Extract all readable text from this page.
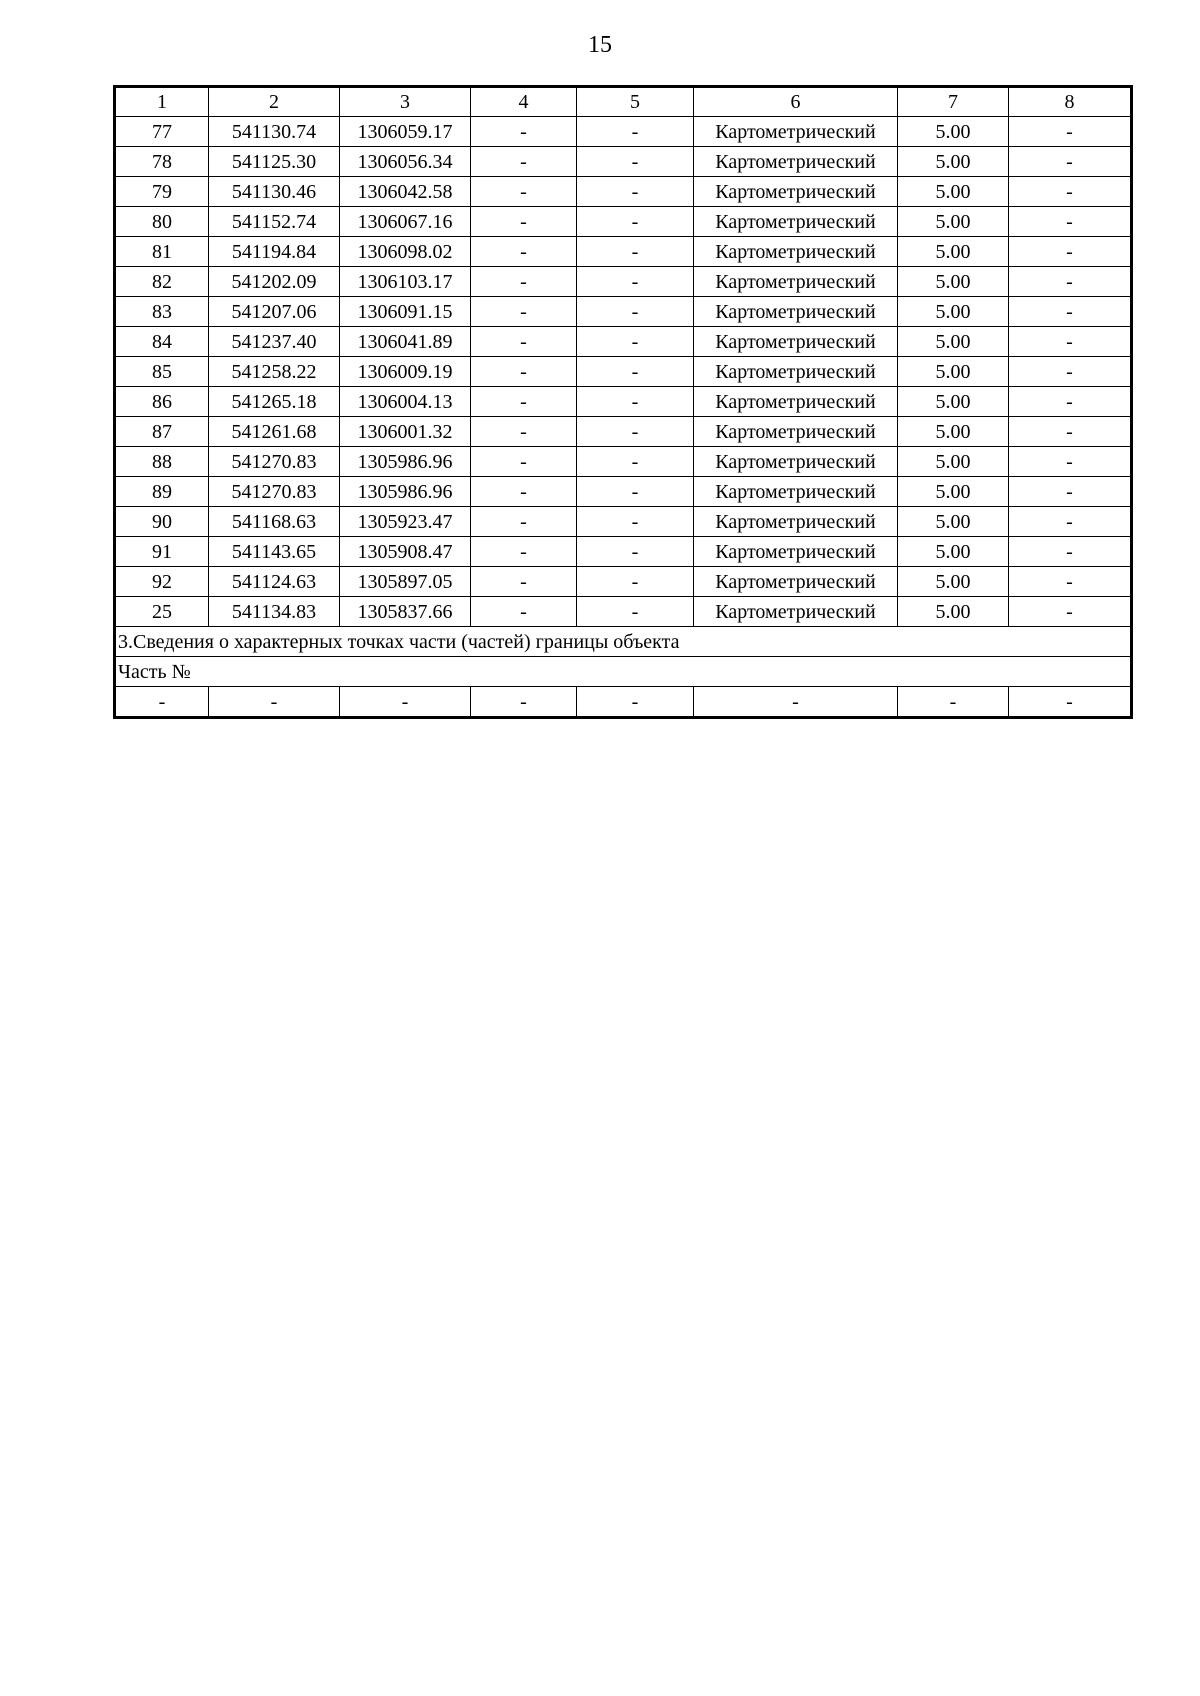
15
1	2	3	4	5	6	7	8
77	541130.74	1306059.17	-	-	Картометрический	5.00	-
78	541125.30	1306056.34	-	-	Картометрический	5.00	-
79	541130.46	1306042.58	-	-	Картометрический	5.00	-
80	541152.74	1306067.16	-	-	Картометрический	5.00	-
81	541194.84	1306098.02	-	-	Картометрический	5.00	-
82	541202.09	1306103.17	-	-	Картометрический	5.00	-
83	541207.06	1306091.15	-	-	Картометрический	5.00	-
84	541237.40	1306041.89	-	-	Картометрический	5.00	-
85	541258.22	1306009.19	-	-	Картометрический	5.00	-
86	541265.18	1306004.13	-	-	Картометрический	5.00	-
87	541261.68	1306001.32	-	-	Картометрический	5.00	-
88	541270.83	1305986.96	-	-	Картометрический	5.00	-
89	541270.83	1305986.96	-	-	Картометрический	5.00	-
90	541168.63	1305923.47	-	-	Картометрический	5.00	-
91	541143.65	1305908.47	-	-	Картометрический	5.00	-
92	541124.63	1305897.05	-	-	Картометрический	5.00	-
25	541134.83	1305837.66	-	-	Картометрический	5.00	-
3.Сведения о характерных точках части (частей) границы объекта							
Часть №							
-	-	-	-	-	-	-	-
